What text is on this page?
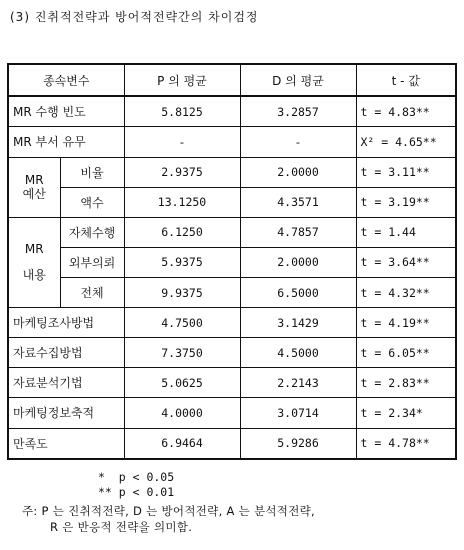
(3) 진취적전략과 방어적전략간의 차이검정
종속변수		P 의 평균	D 의 평균	t - 값
MR 수행 빈도		5.8125	3.2857	t = 4.83**
MR 부서 유무		-	-	X² = 4.65**
MR
예산	비율	2.9375	2.0000	t = 3.11**
	액수	13.1250	4.3571	t = 3.19**
MR
내용	자체수행	6.1250	4.7857	t = 1.44
	외부의뢰	5.9375	2.0000	t = 3.64**
	전체	9.9375	6.5000	t = 4.32**
마케팅조사방법		4.7500	3.1429	t = 4.19**
자료수집방법		7.3750	4.5000	t = 6.05**
자료분석기법		5.0625	2.2143	t = 2.83**
마케팅정보축적		4.0000	3.0714	t = 2.34*
만족도		6.9464	5.9286	t = 4.78**
*  p < 0.05
** p < 0.01
주: P 는 진취적전략, D 는 방어적전략, A 는 분석적전략,
R 은 반응적 전략을 의미함.
